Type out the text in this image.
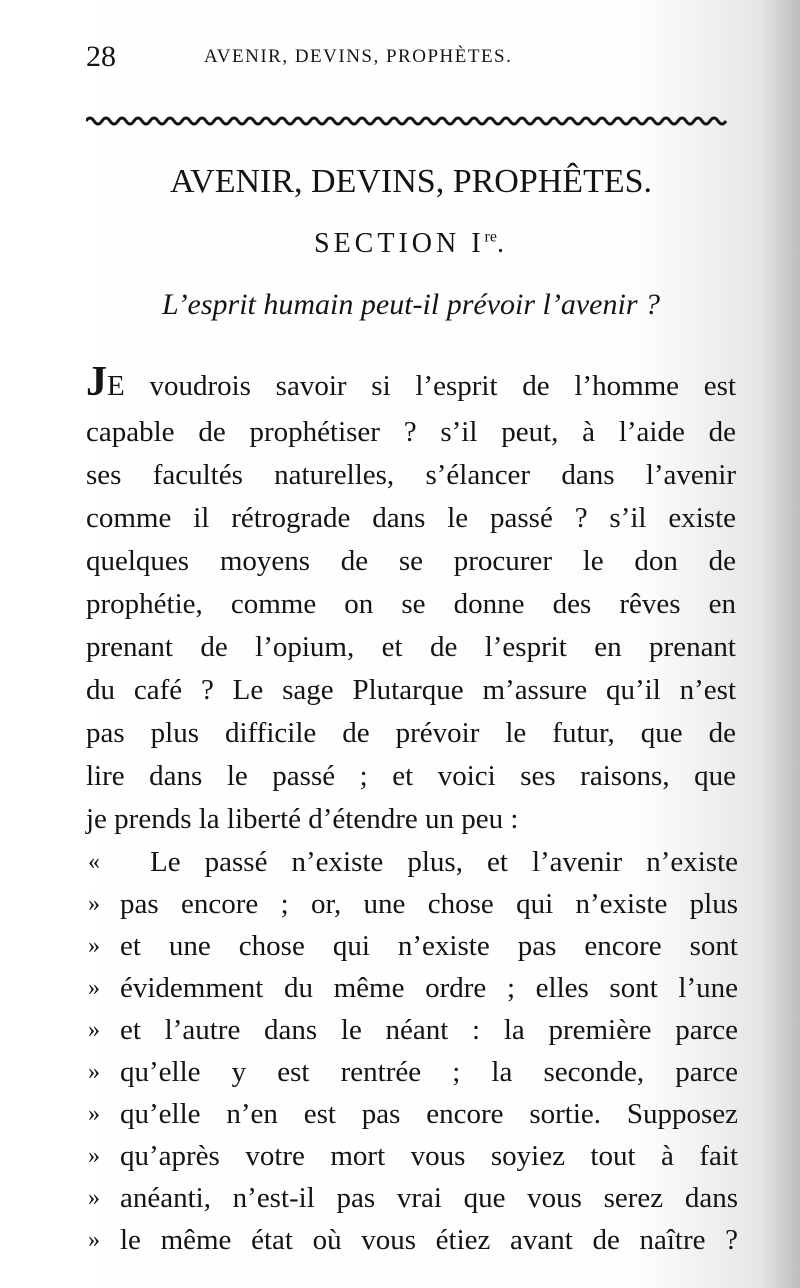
28	AVENIR, DEVINS, PROPHÈTES.
AVENIR, DEVINS, PROPHÊTES.
SECTION Ire.
L’esprit humain peut-il prévoir l’avenir ?
JE voudrois savoir si l’esprit de l’homme est
capable de prophétiser ? s’il peut, à l’aide de
ses facultés naturelles, s’élancer dans l’avenir
comme il rétrograde dans le passé ? s’il existe
quelques moyens de se procurer le don de
prophétie, comme on se donne des rêves en
prenant de l’opium, et de l’esprit en prenant
du café ? Le sage Plutarque m’assure qu’il n’est
pas plus difficile de prévoir le futur, que de
lire dans le passé ; et voici ses raisons, que
je prends la liberté d’étendre un peu :
«	Le passé n’existe plus, et l’avenir n’existe
» pas encore ; or, une chose qui n’existe plus
» et une chose qui n’existe pas encore sont
» évidemment du même ordre ; elles sont l’une
» et l’autre dans le néant : la première parce
» qu’elle y est rentrée ; la seconde, parce
» qu’elle n’en est pas encore sortie. Supposez
» qu’après votre mort vous soyiez tout à fait
» anéanti, n’est-il pas vrai que vous serez dans
» le même état où vous étiez avant de naître ?
